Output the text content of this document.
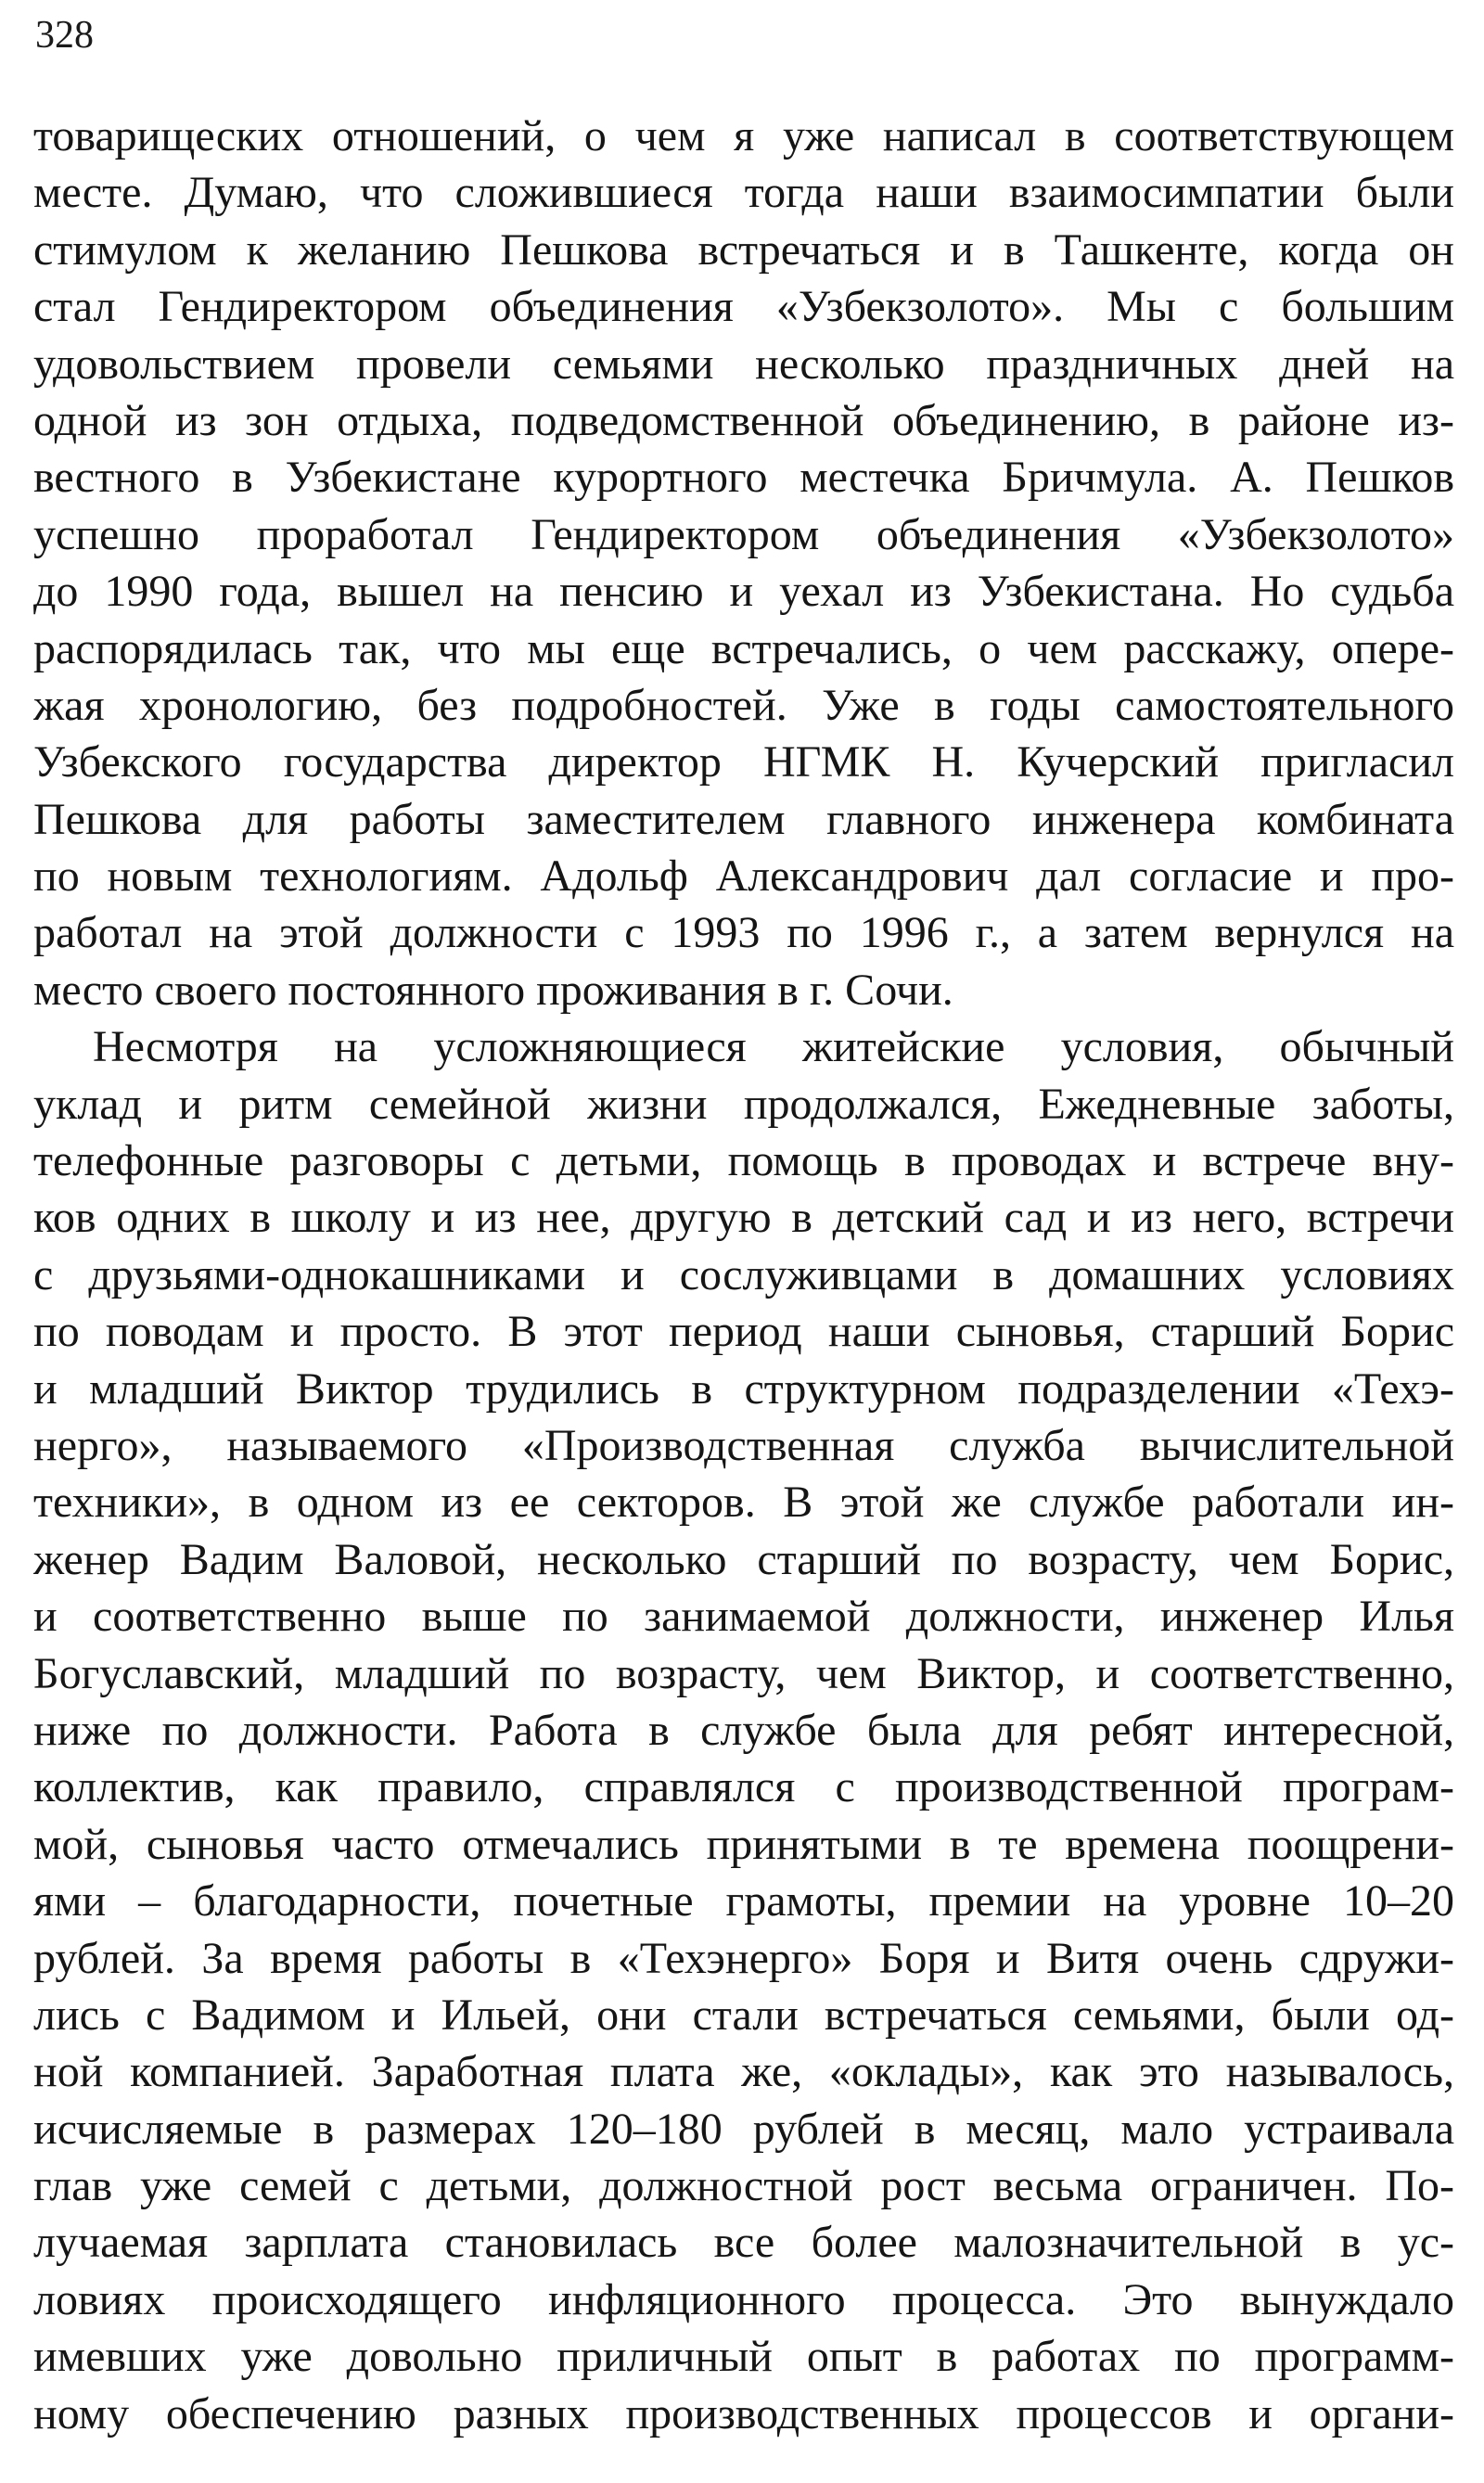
328
товарищеских отношений, о чем я уже написал в соответствующем
месте. Думаю, что сложившиеся тогда наши взаимосимпатии были
стимулом к желанию Пешкова встречаться и в Ташкенте, когда он
стал Гендиректором объединения «Узбекзолото». Мы с большим
удовольствием провели семьями несколько праздничных дней на
одной из зон отдыха, подведомственной объединению, в районе из-
вестного в Узбекистане курортного местечка Бричмула. А. Пешков
успешно проработал Гендиректором объединения «Узбекзолото»
до 1990 года, вышел на пенсию и уехал из Узбекистана. Но судьба
распорядилась так, что мы еще встречались, о чем расскажу, опере-
жая хронологию, без подробностей. Уже в годы самостоятельного
Узбекского государства директор НГМК Н. Кучерский пригласил
Пешкова для работы заместителем главного инженера комбината
по новым технологиям. Адольф Александрович дал согласие и про-
работал на этой должности с 1993 по 1996 г., а затем вернулся на
место своего постоянного проживания в г. Сочи.
Несмотря на усложняющиеся житейские условия, обычный
уклад и ритм семейной жизни продолжался, Ежедневные заботы,
телефонные разговоры с детьми, помощь в проводах и встрече вну-
ков одних в школу и из нее, другую в детский сад и из него, встречи
с друзьями-однокашниками и сослуживцами в домашних условиях
по поводам и просто. В этот период наши сыновья, старший Борис
и младший Виктор трудились в структурном подразделении «Техэ-
нерго», называемого «Производственная служба вычислительной
техники», в одном из ее секторов. В этой же службе работали ин-
женер Вадим Валовой, несколько старший по возрасту, чем Борис,
и соответственно выше по занимаемой должности, инженер Илья
Богуславский, младший по возрасту, чем Виктор, и соответственно,
ниже по должности. Работа в службе была для ребят интересной,
коллектив, как правило, справлялся с производственной програм-
мой, сыновья часто отмечались принятыми в те времена поощрени-
ями – благодарности, почетные грамоты, премии на уровне 10–20
рублей. За время работы в «Техэнерго» Боря и Витя очень сдружи-
лись с Вадимом и Ильей, они стали встречаться семьями, были од-
ной компанией. Заработная плата же, «оклады», как это называлось,
исчисляемые в размерах 120–180 рублей в месяц, мало устраивала
глав уже семей с детьми, должностной рост весьма ограничен. По-
лучаемая зарплата становилась все более малозначительной в ус-
ловиях происходящего инфляционного процесса. Это вынуждало
имевших уже довольно приличный опыт в работах по программ-
ному обеспечению разных производственных процессов и органи-
